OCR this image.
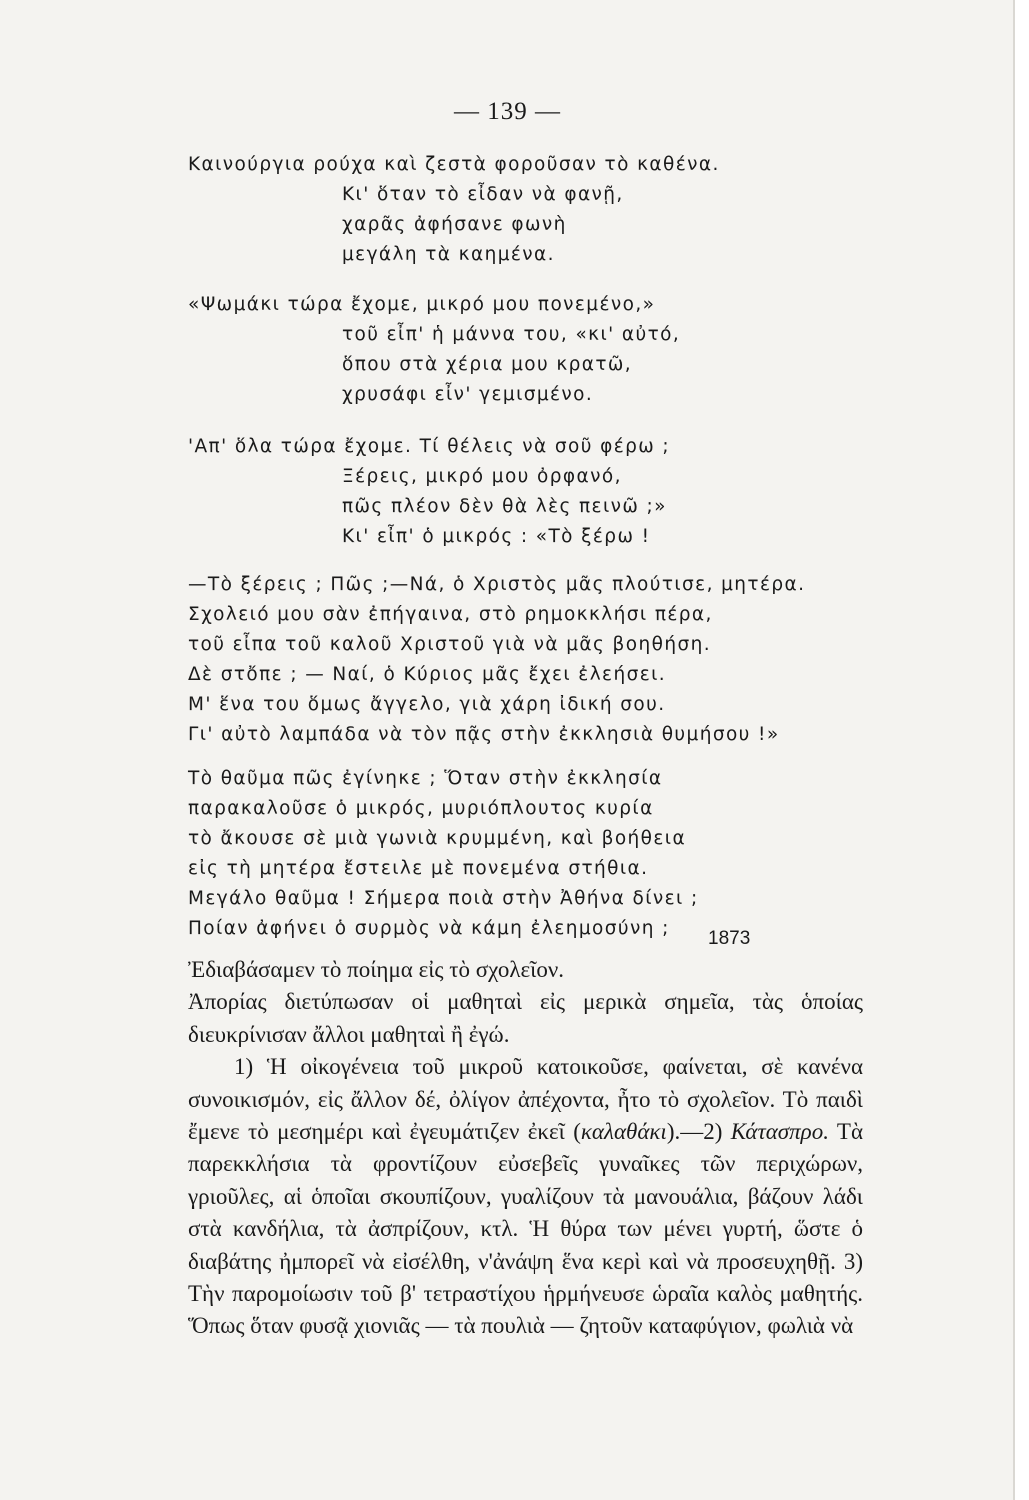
— 139 —
Καινούργια ρούχα καὶ ζεστὰ φοροῦσαν τὸ καθένα.
Κι' ὅταν τὸ εἶδαν νὰ φανῇ,
χαρᾶς ἀφήσανε φωνὴ
μεγάλη τὰ καημένα.
«Ψωμάκι τώρα ἔχομε, μικρό μου πονεμένο,»
τοῦ εἶπ' ἡ μάννα του, «κι' αὐτό,
ὅπου στὰ χέρια μου κρατῶ,
χρυσάφι εἶν' γεμισμένο.
'Απ' ὅλα τώρα ἔχομε. Τί θέλεις νὰ σοῦ φέρω ;
Ξέρεις, μικρό μου ὀρφανό,
πῶς πλέον δὲν θὰ λὲς πεινῶ ;»
Κι' εἶπ' ὁ μικρός : «Τὸ ξέρω !
—Τὸ ξέρεις ; Πῶς ;—Νά, ὁ Χριστὸς μᾶς πλούτισε, μητέρα.
Σχολειό μου σὰν ἐπήγαινα, στὸ ρημοκκλήσι πέρα,
τοῦ εἶπα τοῦ καλοῦ Χριστοῦ γιὰ νὰ μᾶς βοηθήση.
Δὲ στὄπε ; — Ναί, ὁ Κύριος μᾶς ἔχει ἐλεήσει.
Μ' ἕνα του ὅμως ἄγγελο, γιὰ χάρη ἰδική σου.
Γι' αὐτὸ λαμπάδα νὰ τὸν πᾷς στὴν ἐκκλησιὰ θυμήσου !»
Τὸ θαῦμα πῶς ἐγίνηκε ; Ὅταν στὴν ἐκκλησία
παρακαλοῦσε ὁ μικρός, μυριόπλουτος κυρία
τὸ ἄκουσε σὲ μιὰ γωνιὰ κρυμμένη, καὶ βοήθεια
εἰς τὴ μητέρα ἔστειλε μὲ πονεμένα στήθια.
Μεγάλο θαῦμα ! Σήμερα ποιὰ στὴν Ἀθήνα δίνει ;
Ποίαν ἀφήνει ὁ συρμὸς νὰ κάμη ἐλεημοσύνη ;	1873

Ἐδιαβάσαμεν τὸ ποίημα εἰς τὸ σχολεῖον.

Ἀπορίας διετύπωσαν οἱ μαθηταὶ εἰς μερικὰ σημεῖα, τὰς ὁποίας διευκρίνισαν ἄλλοι μαθηταὶ ἢ ἐγώ.

1) Ἡ οἰκογένεια τοῦ μικροῦ κατοικοῦσε, φαίνεται, σὲ κανένα συνοικισμόν, εἰς ἄλλον δέ, ὀλίγον ἀπέχοντα, ἦτο τὸ σχολεῖον. Τὸ παιδὶ ἔμενε τὸ μεσημέρι καὶ ἐγευμάτιζεν ἐκεῖ (καλαθάκι).—2) Κάτασπρο. Τὰ παρεκκλήσια τὰ φροντίζουν εὐσεβεῖς γυναῖκες τῶν περιχώρων, γριοῦλες, αἱ ὁποῖαι σκουπίζουν, γυαλίζουν τὰ μανουάλια, βάζουν λάδι στὰ κανδήλια, τὰ ἀσπρίζουν, κτλ. Ἡ θύρα των μένει γυρτή, ὥστε ὁ διαβάτης ἠμπορεῖ νὰ εἰσέλθη, ν'ἀνάψη ἕνα κερὶ καὶ νὰ προσευχηθῇ. 3) Τὴν παρομοίωσιν τοῦ β' τετραστίχου ἡρμήνευσε ὡραῖα καλὸς μαθητής. Ὅπως ὅταν φυσᾷ χιονιᾶς — τὰ πουλιὰ — ζητοῦν καταφύγιον, φωλιὰ νὰ
